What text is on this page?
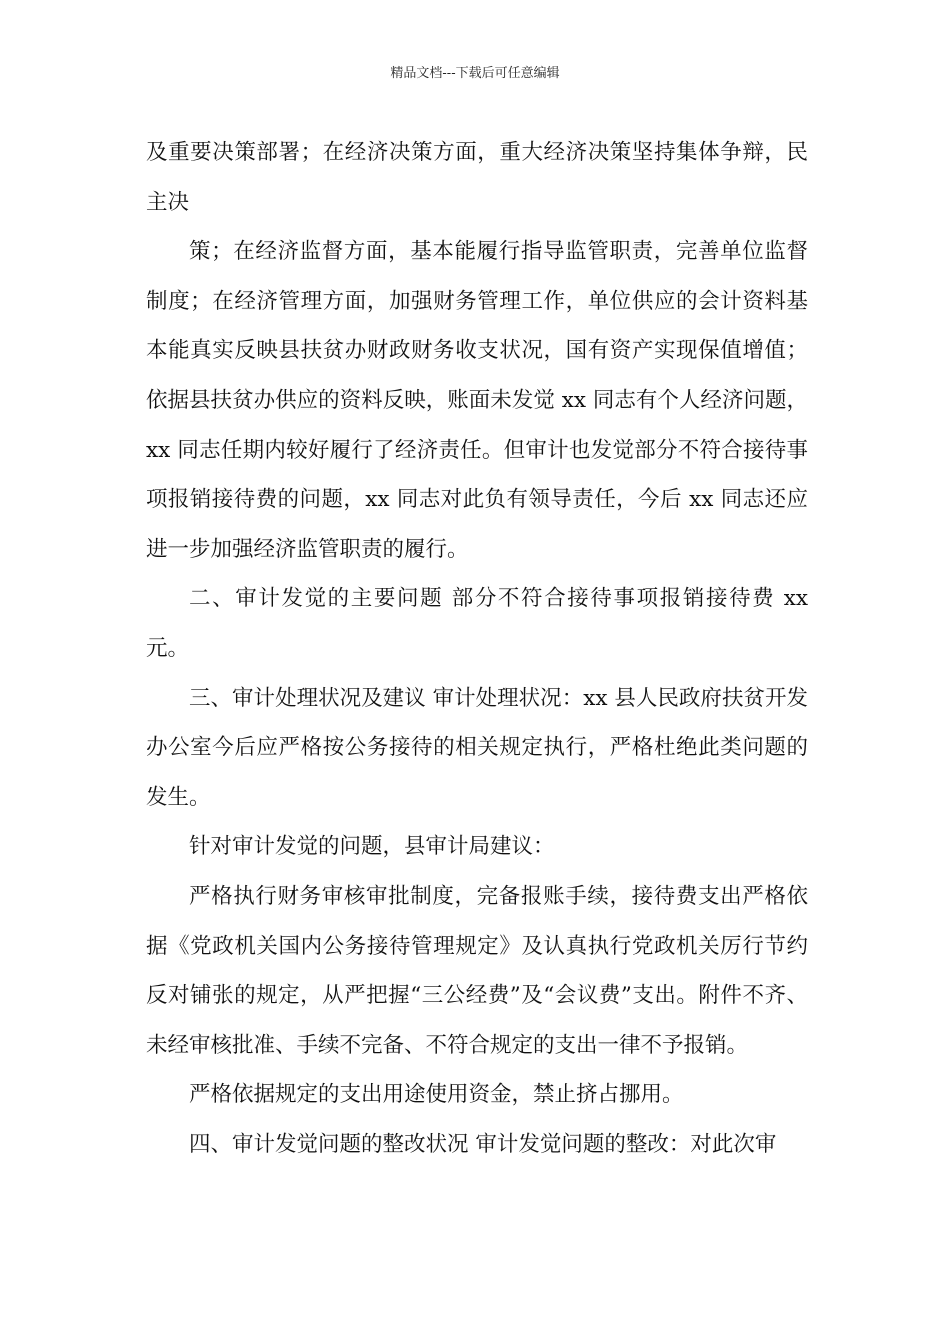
精品文档---下载后可任意编辑

及重要决策部署；在经济决策方面，重大经济决策坚持集体争辩，民主决

策；在经济监督方面，基本能履行指导监管职责，完善单位监督制度；在经济管理方面，加强财务管理工作，单位供应的会计资料基本能真实反映县扶贫办财政财务收支状况，国有资产实现保值增值；依据县扶贫办供应的资料反映，账面未发觉 xx 同志有个人经济问题，xx 同志任期内较好履行了经济责任。但审计也发觉部分不符合接待事项报销接待费的问题，xx 同志对此负有领导责任，今后 xx 同志还应进一步加强经济监管职责的履行。

二、审计发觉的主要问题 部分不符合接待事项报销接待费 xx 元。

三、审计处理状况及建议 审计处理状况：xx 县人民政府扶贫开发办公室今后应严格按公务接待的相关规定执行，严格杜绝此类问题的发生。

针对审计发觉的问题，县审计局建议：

严格执行财务审核审批制度，完备报账手续，接待费支出严格依据《党政机关国内公务接待管理规定》及认真执行党政机关厉行节约反对铺张的规定，从严把握“三公经费”及“会议费”支出。附件不齐、未经审核批准、手续不完备、不符合规定的支出一律不予报销。

严格依据规定的支出用途使用资金，禁止挤占挪用。

四、审计发觉问题的整改状况 审计发觉问题的整改：对此次审
